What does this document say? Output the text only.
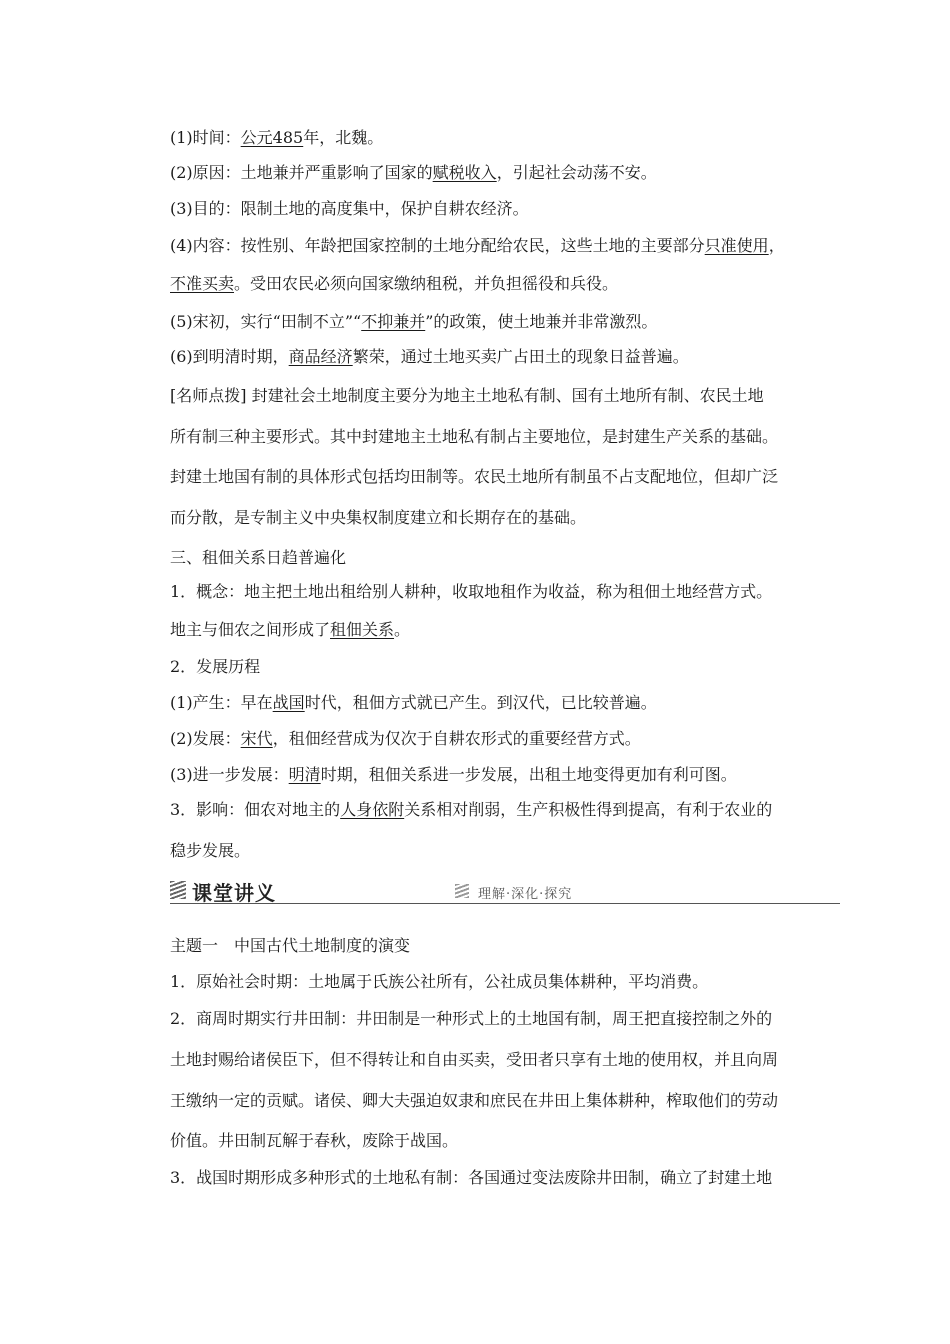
(1)时间：公元485年，北魏。
(2)原因：土地兼并严重影响了国家的赋税收入，引起社会动荡不安。
(3)目的：限制土地的高度集中，保护自耕农经济。
(4)内容：按性别、年龄把国家控制的土地分配给农民，这些土地的主要部分只准使用，
不准买卖。受田农民必须向国家缴纳租税，并负担徭役和兵役。
(5)宋初，实行“田制不立”“不抑兼并”的政策，使土地兼并非常激烈。
(6)到明清时期，商品经济繁荣，通过土地买卖广占田土的现象日益普遍。
[名师点拨] 封建社会土地制度主要分为地主土地私有制、国有土地所有制、农民土地
所有制三种主要形式。其中封建地主土地私有制占主要地位，是封建生产关系的基础。
封建土地国有制的具体形式包括均田制等。农民土地所有制虽不占支配地位，但却广泛
而分散，是专制主义中央集权制度建立和长期存在的基础。
三、租佃关系日趋普遍化
1．概念：地主把土地出租给别人耕种，收取地租作为收益，称为租佃土地经营方式。
地主与佃农之间形成了租佃关系。
2．发展历程
(1)产生：早在战国时代，租佃方式就已产生。到汉代，已比较普遍。
(2)发展：宋代，租佃经营成为仅次于自耕农形式的重要经营方式。
(3)进一步发展：明清时期，租佃关系进一步发展，出租土地变得更加有利可图。
3．影响：佃农对地主的人身依附关系相对削弱，生产积极性得到提高，有利于农业的
稳步发展。
课堂讲义	理解·深化·探究
主题一　中国古代土地制度的演变
1．原始社会时期：土地属于氏族公社所有，公社成员集体耕种，平均消费。
2．商周时期实行井田制：井田制是一种形式上的土地国有制，周王把直接控制之外的
土地封赐给诸侯臣下，但不得转让和自由买卖，受田者只享有土地的使用权，并且向周
王缴纳一定的贡赋。诸侯、卿大夫强迫奴隶和庶民在井田上集体耕种，榨取他们的劳动
价值。井田制瓦解于春秋，废除于战国。
3．战国时期形成多种形式的土地私有制：各国通过变法废除井田制，确立了封建土地
